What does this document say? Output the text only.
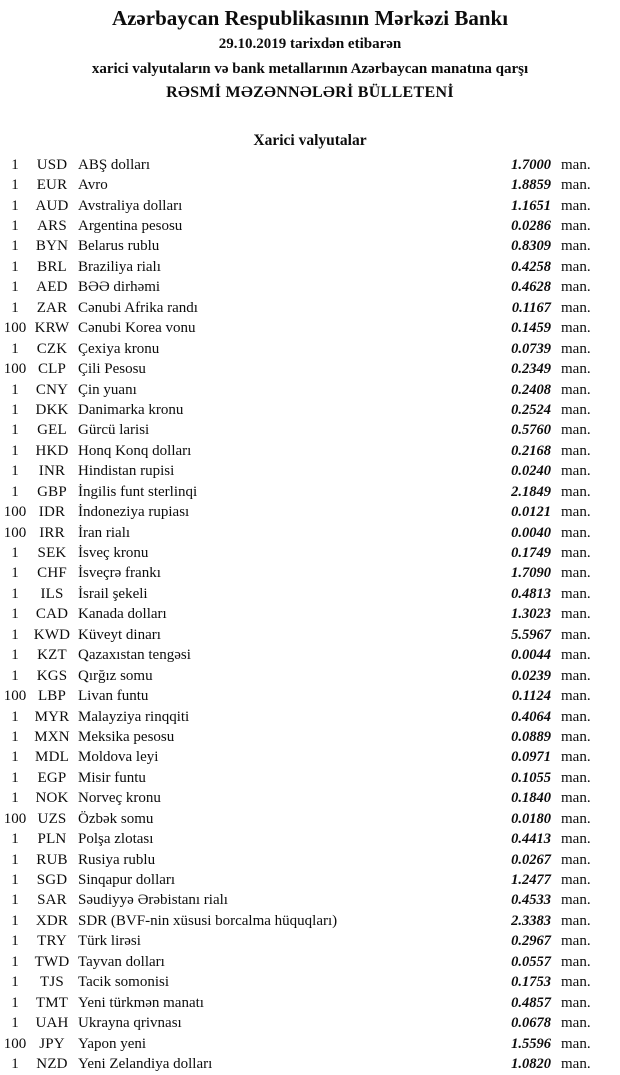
Azərbaycan Respublikasının Mərkəzi Bankı
29.10.2019 tarixdən etibarən
xarici valyutaların və bank metallarının Azərbaycan manatına qarşı
RƏSMİ MƏZƏNNƏLƏRİ BÜLLETENİ
Xarici valyutalar
1	USD ABŞ dolları	1.7000 man.
1	EUR Avro	1.8859 man.
1	AUD Avstraliya dolları	1.1651 man.
1	ARS Argentina pesosu	0.0286 man.
1	BYN Belarus rublu	0.8309 man.
1	BRL Braziliya rialı	0.4258 man.
1	AED BƏƏ dirhəmi	0.4628 man.
1	ZAR Cənubi Afrika randı	0.1167 man.
100 KRW Cənubi Korea vonu	0.1459 man.
1	CZK Çexiya kronu	0.0739 man.
100 CLP Çili Pesosu	0.2349 man.
1	CNY Çin yuanı	0.2408 man.
1	DKK Danimarka kronu	0.2524 man.
1	GEL Gürcü larisi	0.5760 man.
1	HKD Honq Konq dolları	0.2168 man.
1	INR Hindistan rupisi	0.0240 man.
1	GBP İngilis funt sterlinqi	2.1849 man.
100 IDR İndoneziya rupiası	0.0121 man.
100 IRR İran rialı	0.0040 man.
1	SEK İsveç kronu	0.1749 man.
1	CHF İsveçrə frankı	1.7090 man.
1	ILS İsrail şekeli	0.4813 man.
1	CAD Kanada dolları	1.3023 man.
1	KWD Küveyt dinarı	5.5967 man.
1	KZT Qazaxıstan tengəsi	0.0044 man.
1	KGS Qırğız somu	0.0239 man.
100 LBP Livan funtu	0.1124 man.
1	MYR Malayziya rinqqiti	0.4064 man.
1	MXN Meksika pesosu	0.0889 man.
1	MDL Moldova leyi	0.0971 man.
1	EGP Misir funtu	0.1055 man.
1	NOK Norveç kronu	0.1840 man.
100 UZS Özbək somu	0.0180 man.
1	PLN Polşa zlotası	0.4413 man.
1	RUB Rusiya rublu	0.0267 man.
1	SGD Sinqapur dolları	1.2477 man.
1	SAR Səudiyyə Ərəbistanı rialı	0.4533 man.
1	XDR SDR (BVF-nin xüsusi borcalma hüquqları)	2.3383 man.
1	TRY Türk lirəsi	0.2967 man.
1	TWD Tayvan dolları	0.0557 man.
1	TJS Tacik somonisi	0.1753 man.
1	TMT Yeni türkmən manatı	0.4857 man.
1	UAH Ukrayna qrivnası	0.0678 man.
100 JPY Yapon yeni	1.5596 man.
1	NZD Yeni Zelandiya dolları	1.0820 man.
